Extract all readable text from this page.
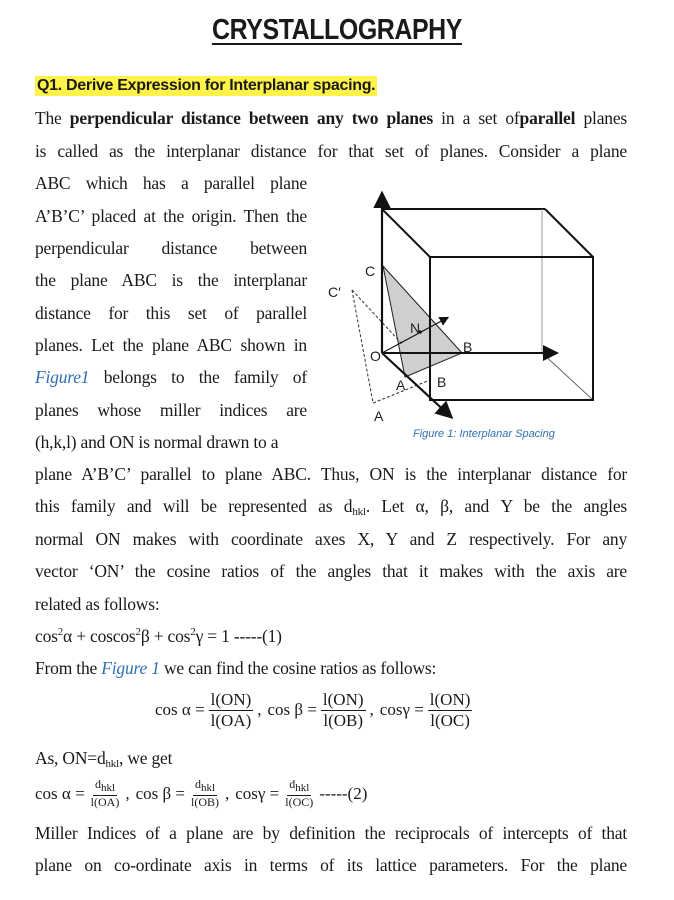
CRYSTALLOGRAPHY
Q1. Derive Expression for Interplanar spacing.
The perpendicular distance between any two planes in a set ofparallel planes
is called as the interplanar distance for that set of planes. Consider a plane
ABC which has a parallel plane
A’B’C’ placed at the origin. Then the
perpendicular distance between
the plane ABC is the interplanar
distance for this set of parallel
planes. Let the plane ABC shown in
Figure1 belongs to the family of
planes whose miller indices are
(h,k,l) and ON is normal drawn to a
C
C′
N
B
O
A B
A
Figure 1: Interplanar Spacing
plane A’B’C’ parallel to plane ABC. Thus, ON is the interplanar distance for
this family and will be represented as $d_{hkl}$. Let α, β, and Υ be the angles
normal ON makes with coordinate axes X, Y and Z respectively. For any
vector ‘ON’ the cosine ratios of the angles that it makes with the axis are
related as follows:
$\cos^2\alpha + coscos^2\beta + \cos^2\gamma = 1$ -----(1)
From the Figure 1 we can find the cosine ratios as follows:
$\cos \alpha = \frac{l(ON)}{l(OA)}$ , $\cos \beta = \frac{l(ON)}{l(OB)}$ , $\cos\gamma = \frac{l(ON)}{l(OC)}$
As, $ON=d_{hkl}$, we get
$\cos \alpha = \frac{d_{hkl}}{l(OA)}$ , $\cos \beta = \frac{d_{hkl}}{l(OB)}$ , $\cos\gamma = \frac{d_{hkl}}{l(OC)} -----(2)$
Miller Indices of a plane are by definition the reciprocals of intercepts of that
plane on co-ordinate axis in terms of its lattice parameters. For the plane
